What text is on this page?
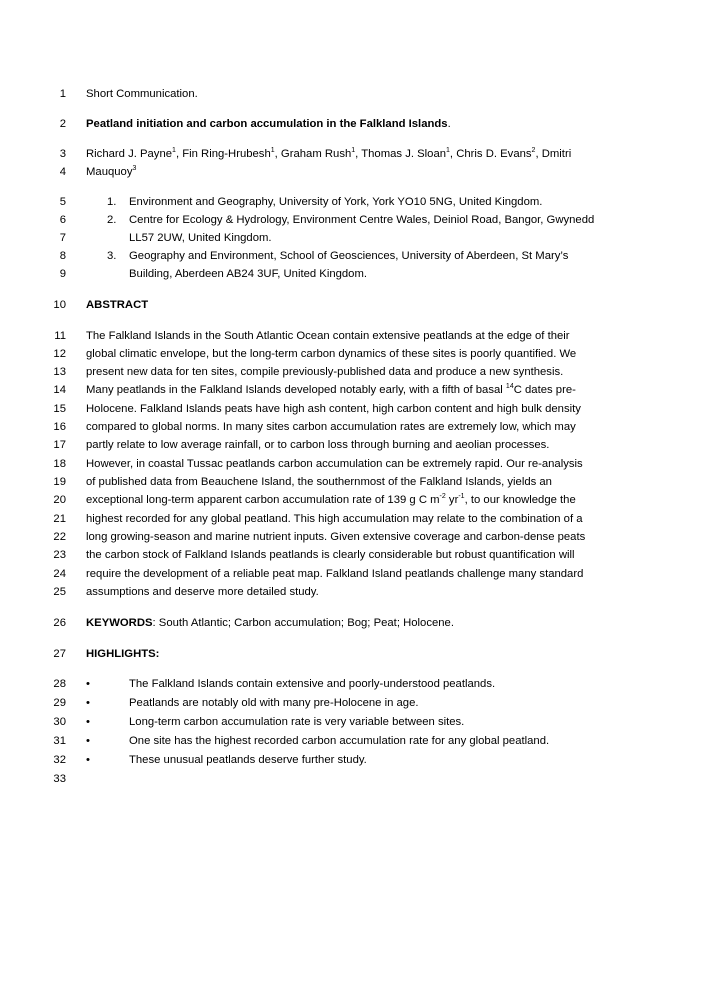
1 Short Communication.
2 Peatland initiation and carbon accumulation in the Falkland Islands.
3 Richard J. Payne$^1$, Fin Ring-Hrubesh$^1$, Graham Rush$^1$, Thomas J. Sloan$^1$, Chris D. Evans$^2$, Dmitri
4 Mauquoy$^3$
5	1.	Environment and Geography, University of York, York YO10 5NG, United Kingdom.
6	2.	Centre for Ecology & Hydrology, Environment Centre Wales, Deiniol Road, Bangor, Gwynedd
7	LL57 2UW, United Kingdom.
8	3.	Geography and Environment, School of Geosciences, University of Aberdeen, St Mary’s
9	Building, Aberdeen AB24 3UF, United Kingdom.
10 ABSTRACT
11 The Falkland Islands in the South Atlantic Ocean contain extensive peatlands at the edge of their
12 global climatic envelope, but the long-term carbon dynamics of these sites is poorly quantified. We
13 present new data for ten sites, compile previously-published data and produce a new synthesis.
14 Many peatlands in the Falkland Islands developed notably early, with a fifth of basal $^{14}$C dates pre-
15 Holocene. Falkland Islands peats have high ash content, high carbon content and high bulk density
16 compared to global norms. In many sites carbon accumulation rates are extremely low, which may
17 partly relate to low average rainfall, or to carbon loss through burning and aeolian processes.
18 However, in coastal Tussac peatlands carbon accumulation can be extremely rapid. Our re-analysis
19 of published data from Beauchene Island, the southernmost of the Falkland Islands, yields an
20 exceptional long-term apparent carbon accumulation rate of 139 g C $m^{-2}$ $yr^{-1}$, to our knowledge the
21 highest recorded for any global peatland. This high accumulation may relate to the combination of a
22 long growing-season and marine nutrient inputs. Given extensive coverage and carbon-dense peats
23 the carbon stock of Falkland Islands peatlands is clearly considerable but robust quantification will
24 require the development of a reliable peat map. Falkland Island peatlands challenge many standard
25 assumptions and deserve more detailed study.
26 KEYWORDS: South Atlantic; Carbon accumulation; Bog; Peat; Holocene.
27 HIGHLIGHTS:
28 •	The Falkland Islands contain extensive and poorly-understood peatlands.
29 •	Peatlands are notably old with many pre-Holocene in age.
30 •	Long-term carbon accumulation rate is very variable between sites.
31 •	One site has the highest recorded carbon accumulation rate for any global peatland.
32 •	These unusual peatlands deserve further study.
33
